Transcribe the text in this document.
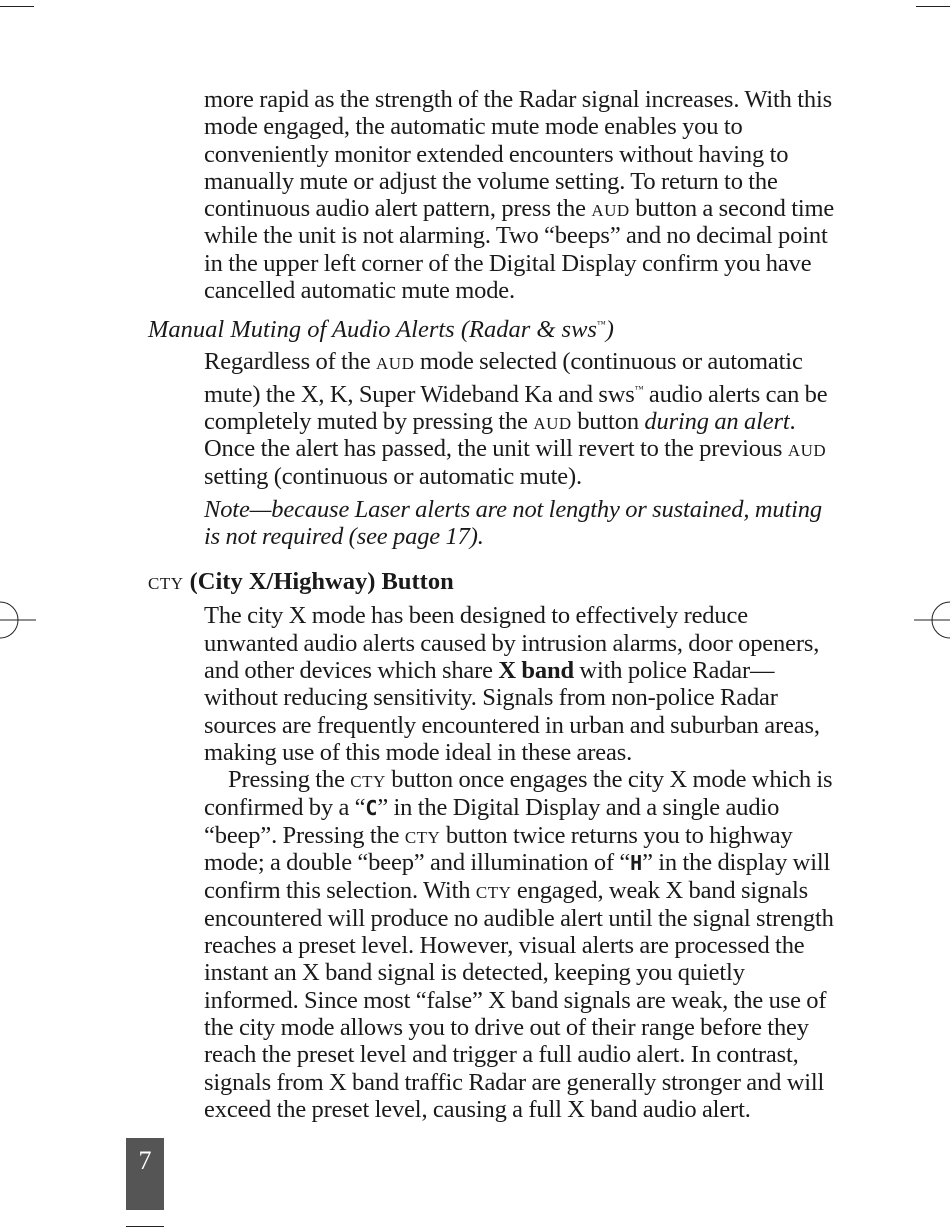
more rapid as the strength of the Radar signal increases. With this mode engaged, the automatic mute mode enables you to conveniently monitor extended encounters without having to manually mute or adjust the volume setting. To return to the continuous audio alert pattern, press the aud button a second time while the unit is not alarming. Two “beeps” and no decimal point in the upper left corner of the Digital Display confirm you have cancelled automatic mute mode.

Manual Muting of Audio Alerts (Radar & sws™)

Regardless of the aud mode selected (continuous or automatic mute) the X, K, Super Wideband Ka and sws™ audio alerts can be completely muted by pressing the aud button during an alert. Once the alert has passed, the unit will revert to the previous aud setting (continuous or automatic mute).

Note—because Laser alerts are not lengthy or sustained, muting is not required (see page 17).

cty (City X/Highway) Button

The city X mode has been designed to effectively reduce unwanted audio alerts caused by intrusion alarms, door openers, and other devices which share X band with police Radar—without reducing sensitivity. Signals from non-police Radar sources are frequently encountered in urban and suburban areas, making use of this mode ideal in these areas.

Pressing the cty button once engages the city X mode which is confirmed by a “C” in the Digital Display and a single audio “beep”. Pressing the cty button twice returns you to highway mode; a double “beep” and illumination of “H” in the display will confirm this selection. With cty engaged, weak X band signals encountered will produce no audible alert until the signal strength reaches a preset level. However, visual alerts are processed the instant an X band signal is detected, keeping you quietly informed. Since most “false” X band signals are weak, the use of the city mode allows you to drive out of their range before they reach the preset level and trigger a full audio alert. In contrast, signals from X band traffic Radar are generally stronger and will exceed the preset level, causing a full X band audio alert.

7
